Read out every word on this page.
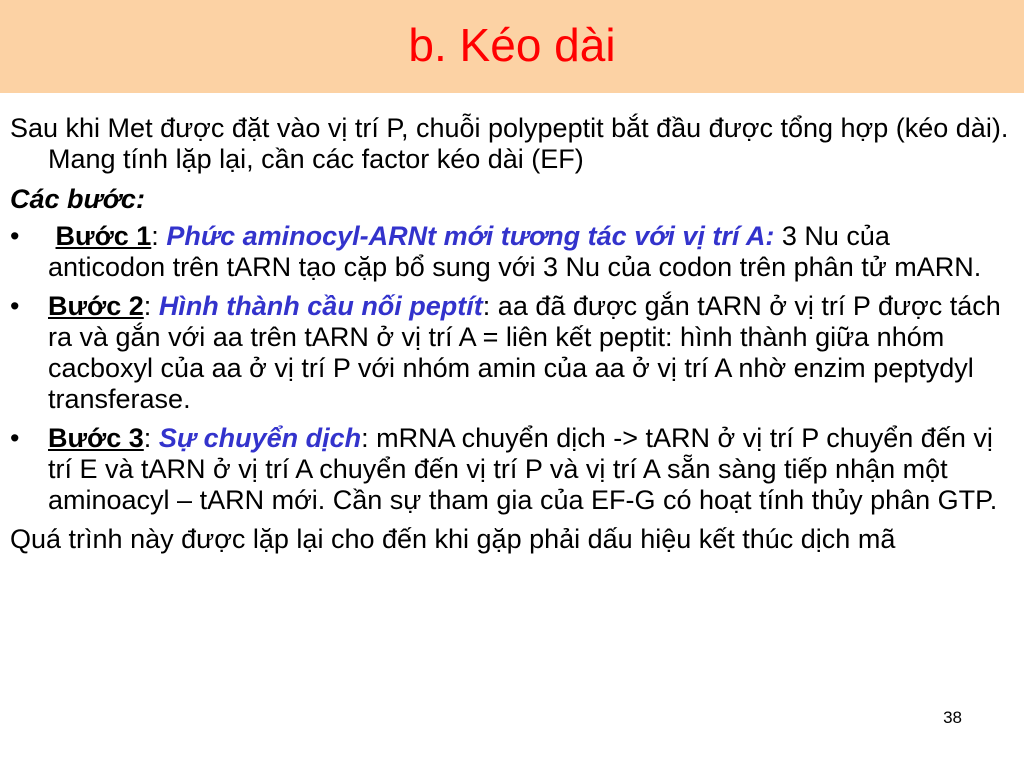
b. Kéo dài

Sau khi Met được đặt vào vị trí P, chuỗi polypeptit bắt đầu được tổng hợp (kéo dài). Mang tính lặp lại, cần các factor kéo dài (EF)

Các bước:

• Bước 1: Phức aminocyl-ARNt mới tương tác với vị trí A: 3 Nu của anticodon trên tARN tạo cặp bổ sung với 3 Nu của codon trên phân tử mARN.
• Bước 2: Hình thành cầu nối peptít: aa đã được gắn tARN ở vị trí P được tách ra và gắn với aa trên tARN ở vị trí A = liên kết peptit: hình thành giữa nhóm cacboxyl của aa ở vị trí P với nhóm amin của aa ở vị trí A nhờ enzim peptydyl transferase.
• Bước 3: Sự chuyển dịch: mRNA chuyển dịch -> tARN ở vị trí P chuyển đến vị trí E và tARN ở vị trí A chuyển đến vị trí P và vị trí A sẵn sàng tiếp nhận một aminoacyl – tARN mới. Cần sự tham gia của EF-G có hoạt tính thủy phân GTP.

Quá trình này được lặp lại cho đến khi gặp phải dấu hiệu kết thúc dịch mã

38
